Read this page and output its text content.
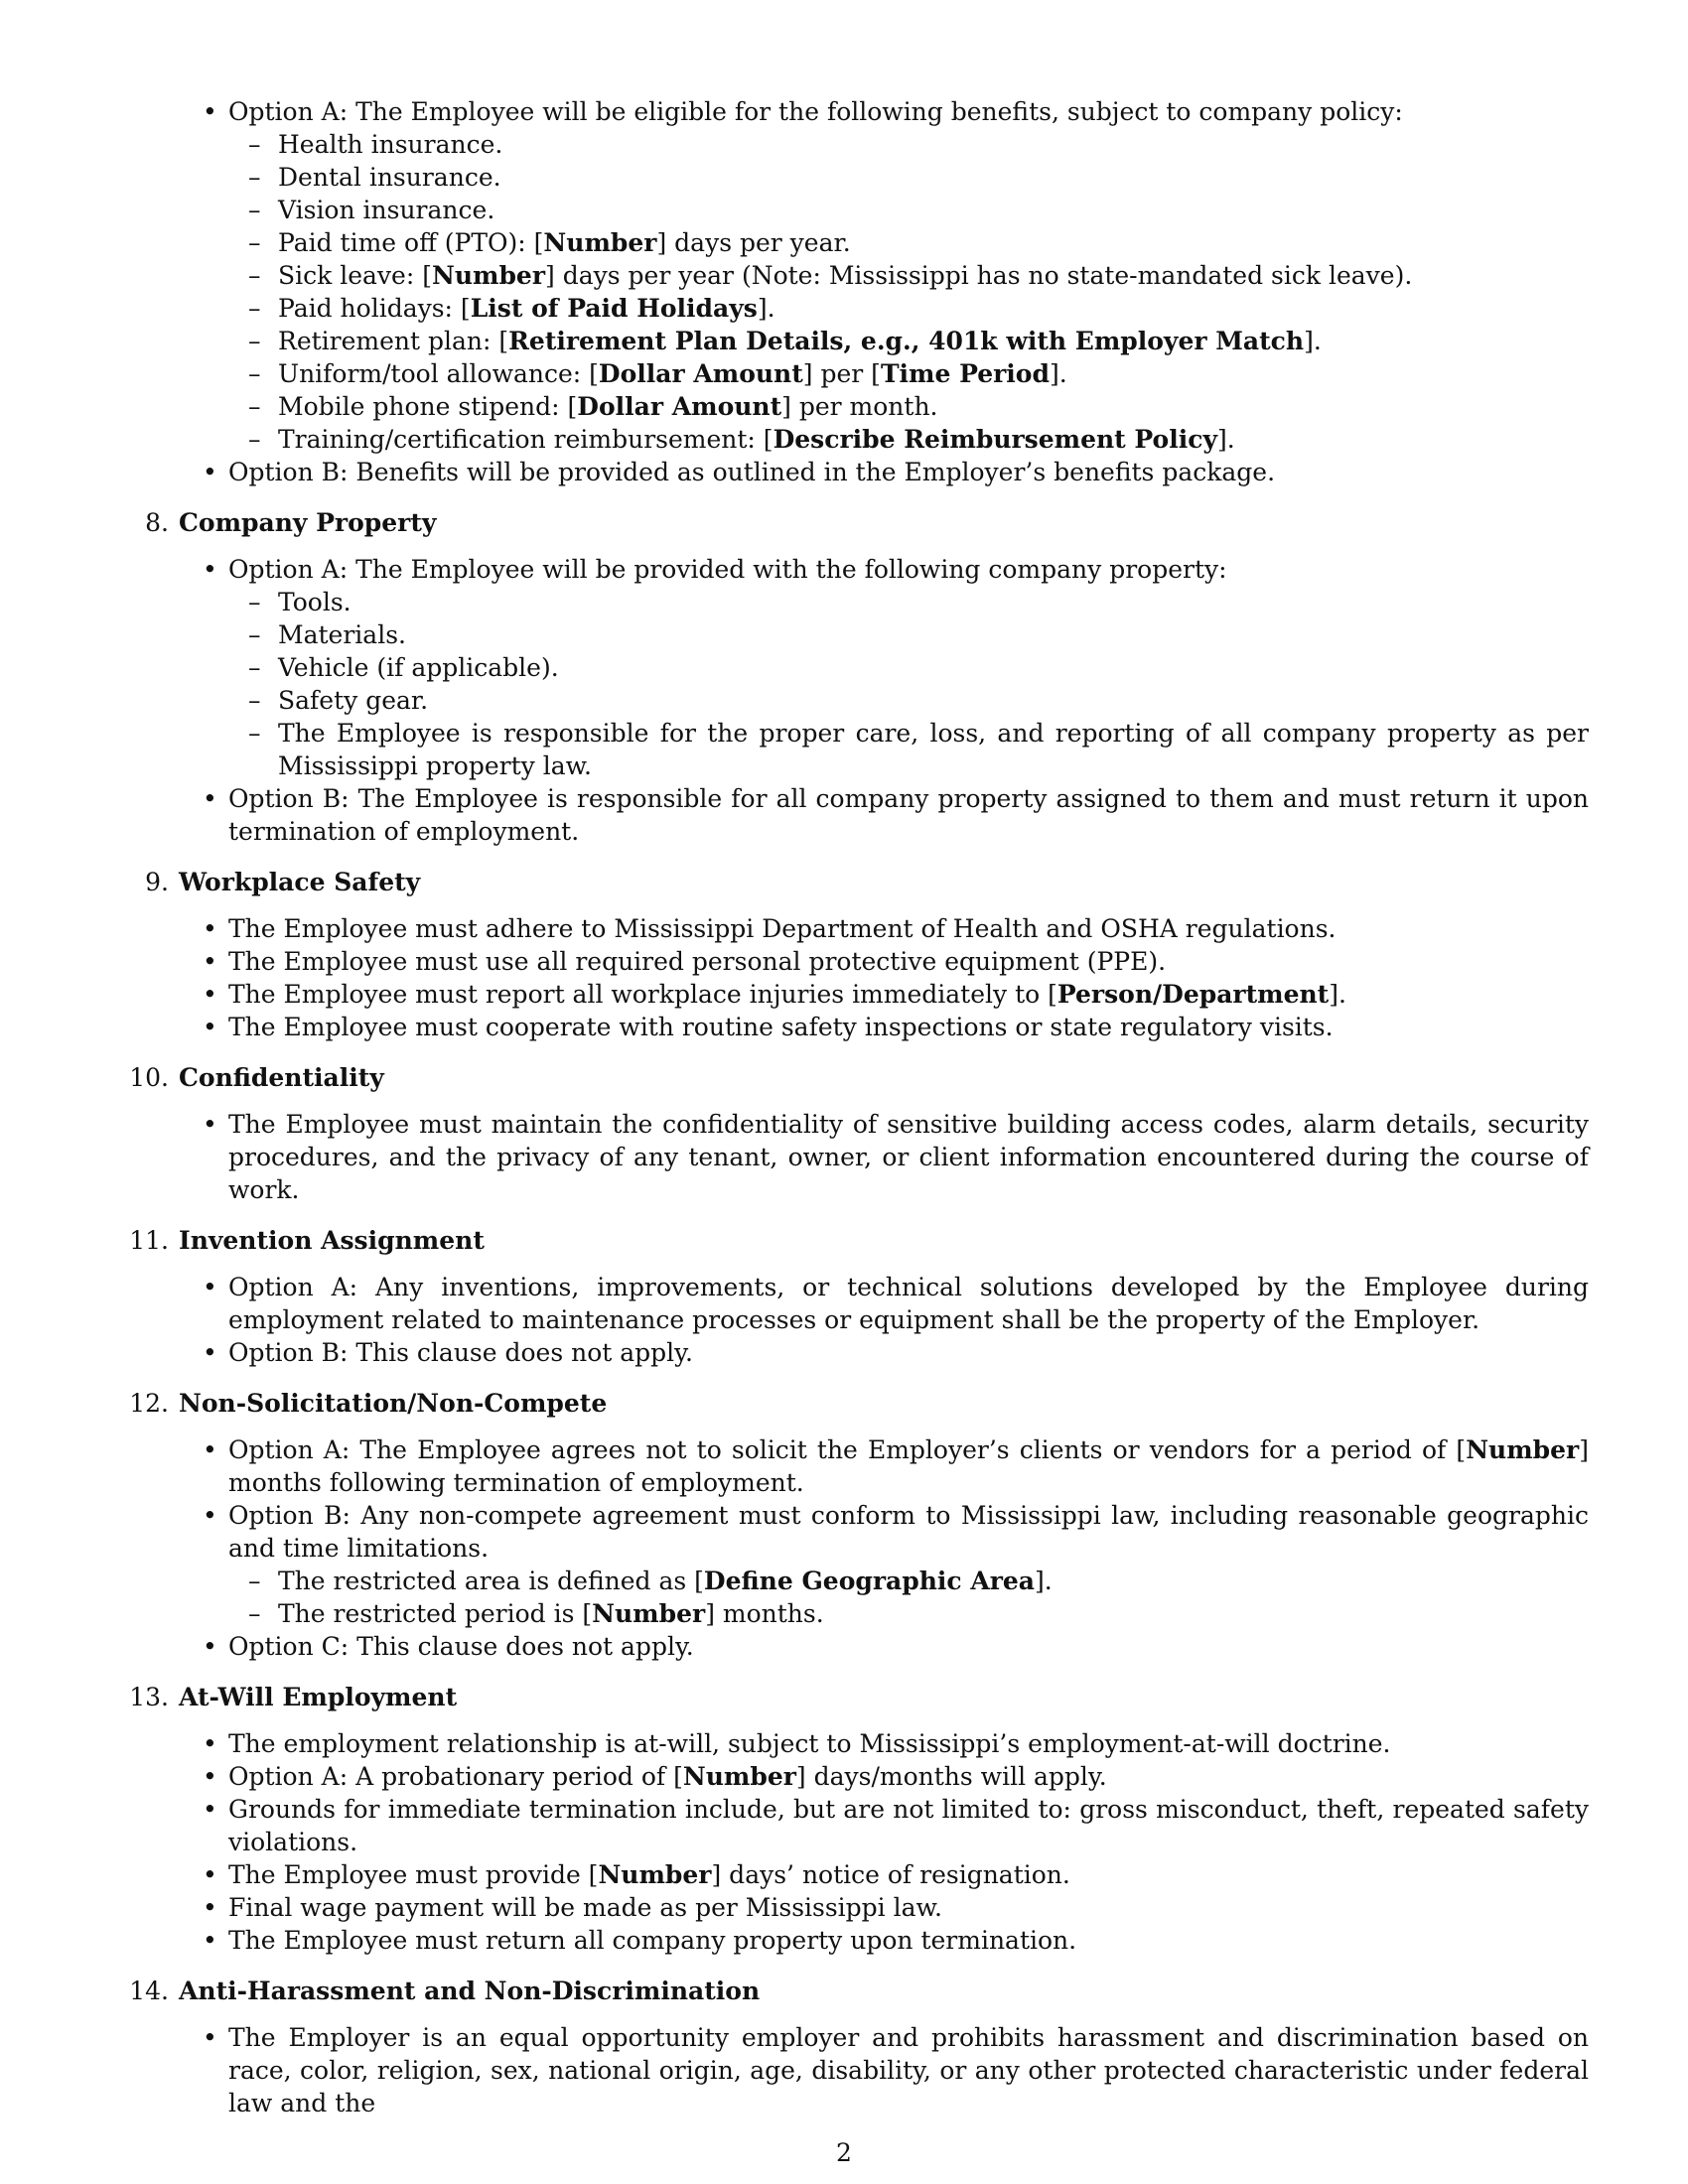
• Option A: The Employee will be eligible for the following benefits, subject to company policy:
– Health insurance.
– Dental insurance.
– Vision insurance.
– Paid time off (PTO): [Number] days per year.
– Sick leave: [Number] days per year (Note: Mississippi has no state-mandated sick leave).
– Paid holidays: [List of Paid Holidays].
– Retirement plan: [Retirement Plan Details, e.g., 401k with Employer Match].
– Uniform/tool allowance: [Dollar Amount] per [Time Period].
– Mobile phone stipend: [Dollar Amount] per month.
– Training/certification reimbursement: [Describe Reimbursement Policy].
• Option B: Benefits will be provided as outlined in the Employer’s benefits package.
8. Company Property
• Option A: The Employee will be provided with the following company property:
– Tools.
– Materials.
– Vehicle (if applicable).
– Safety gear.
– The Employee is responsible for the proper care, loss, and reporting of all company property as per Mississippi property law.
• Option B: The Employee is responsible for all company property assigned to them and must return it upon termination of employment.
9. Workplace Safety
• The Employee must adhere to Mississippi Department of Health and OSHA regulations.
• The Employee must use all required personal protective equipment (PPE).
• The Employee must report all workplace injuries immediately to [Person/Department].
• The Employee must cooperate with routine safety inspections or state regulatory visits.
10. Confidentiality
• The Employee must maintain the confidentiality of sensitive building access codes, alarm details, security procedures, and the privacy of any tenant, owner, or client information encountered during the course of work.
11. Invention Assignment
• Option A: Any inventions, improvements, or technical solutions developed by the Employee during employment related to maintenance processes or equipment shall be the property of the Employer.
• Option B: This clause does not apply.
12. Non-Solicitation/Non-Compete
• Option A: The Employee agrees not to solicit the Employer’s clients or vendors for a period of [Number] months following termination of employment.
• Option B: Any non-compete agreement must conform to Mississippi law, including reasonable geographic and time limitations.
– The restricted area is defined as [Define Geographic Area].
– The restricted period is [Number] months.
• Option C: This clause does not apply.
13. At-Will Employment
• The employment relationship is at-will, subject to Mississippi’s employment-at-will doctrine.
• Option A: A probationary period of [Number] days/months will apply.
• Grounds for immediate termination include, but are not limited to: gross misconduct, theft, repeated safety violations.
• The Employee must provide [Number] days’ notice of resignation.
• Final wage payment will be made as per Mississippi law.
• The Employee must return all company property upon termination.
14. Anti-Harassment and Non-Discrimination
• The Employer is an equal opportunity employer and prohibits harassment and discrimination based on race, color, religion, sex, national origin, age, disability, or any other protected characteristic under federal law and the
2
